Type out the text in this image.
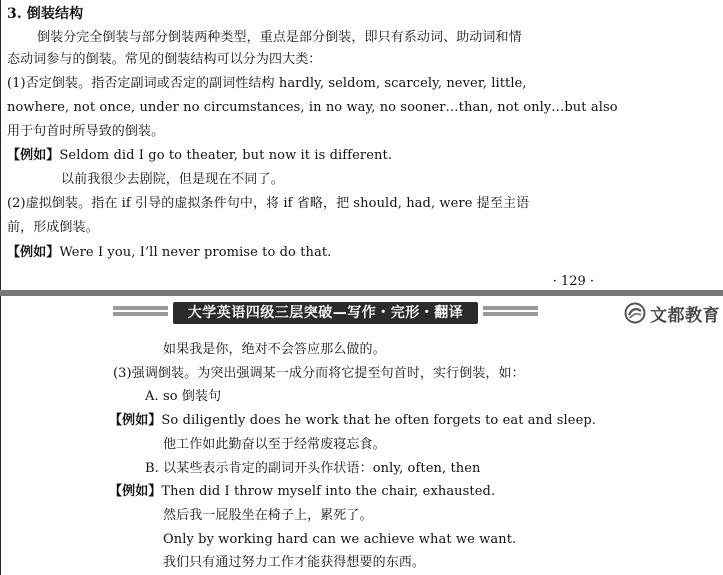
3. 倒装结构
倒装分完全倒装与部分倒装两种类型，重点是部分倒装，即只有系动词、助动词和情
态动词参与的倒装。常见的倒装结构可以分为四大类：
(1)否定倒装。指否定副词或否定的副词性结构 hardly, seldom, scarcely, never, little,
nowhere, not once, under no circumstances, in no way, no sooner…than, not only…but also
用于句首时所导致的倒装。
【例如】Seldom did I go to theater, but now it is different.
以前我很少去剧院，但是现在不同了。
(2)虚拟倒装。指在 if 引导的虚拟条件句中，将 if 省略，把 should, had, were 提至主语
前，形成倒装。
【例如】Were I you, I’ll never promise to do that.
· 129 ·
大学英语四级三层突破—写作・完形・翻译	文都教育
如果我是你，绝对不会答应那么做的。
(3)强调倒装。为突出强调某一成分而将它提至句首时，实行倒装，如：
A. so 倒装句
【例如】So diligently does he work that he often forgets to eat and sleep.
他工作如此勤奋以至于经常废寝忘食。
B. 以某些表示肯定的副词开头作状语：only, often, then
【例如】Then did I throw myself into the chair, exhausted.
然后我一屁股坐在椅子上，累死了。
Only by working hard can we achieve what we want.
我们只有通过努力工作才能获得想要的东西。
